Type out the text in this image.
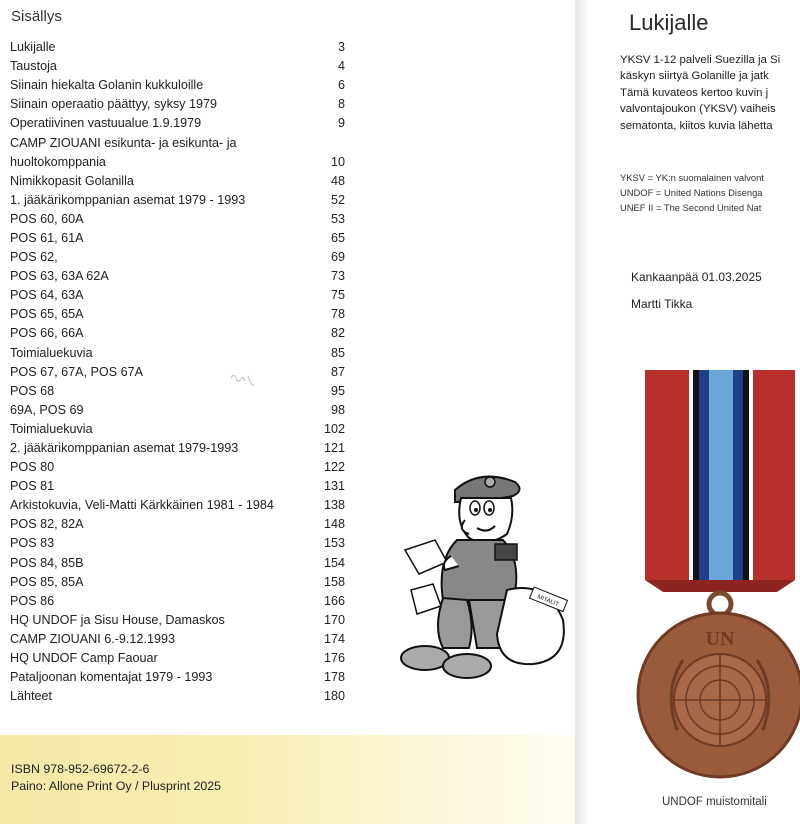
Sisällys
Lukijalle	3
Taustoja	4
Siinain hiekalta Golanin kukkuloille	6
Siinain operaatio päättyy, syksy 1979	8
Operatiivinen vastuualue 1.9.1979	9
CAMP ZIOUANI esikunta- ja esikunta- ja
huoltokomppania	10
Nimikkopasit Golanilla	48
1. jääkärikomppanian asemat 1979 - 1993	52
POS 60, 60A	53
POS 61, 61A	65
POS 62,	69
POS 63, 63A 62A	73
POS 64, 63A	75
POS 65, 65A	78
POS 66, 66A	82
Toimialuekuvia	85
POS 67, 67A, POS 67A	87
POS 68	95
69A, POS 69	98
Toimialuekuvia	102
2. jääkärikomppanian asemat 1979-1993	121
POS 80	122
POS 81	131
Arkistokuvia, Veli-Matti Kärkkäinen 1981 - 1984	138
POS 82, 82A	148
POS 83	153
POS 84, 85B	154
POS 85, 85A	158
POS 86	166
HQ UNDOF ja Sisu House, Damaskos	170
CAMP ZIOUANI 6.-9.12.1993	174
HQ UNDOF Camp Faouar	176
Pataljoonan komentajat 1979 - 1993	178
Lähteet	180
MITALIT
ISBN 978-952-69672-2-6
Paino: Allone Print Oy / Plusprint 2025
Lukijalle
YKSV 1-12 palveli Suezilla ja Si
käskyn siirtyä Golanille ja jatk
Tämä kuvateos kertoo kuvin j
valvontajoukon (YKSV) vaiheis
sematonta, kiitos kuvia lähetta
YKSV = YK:n suomalainen valvont
UNDOF = United Nations Disenga
UNEF II = The Second United Nat
Kankaanpää 01.03.2025
Martti Tikka
UN
UNDOF muistomitali
